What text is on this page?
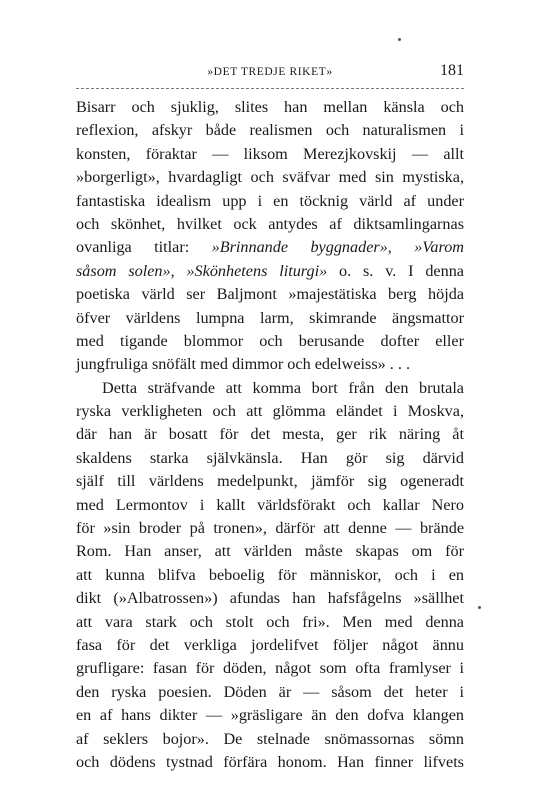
»DET TREDJE RIKET»	181
Bisarr och sjuklig, slites han mellan känsla och
reflexion, afskyr både realismen och naturalismen i
konsten, föraktar — liksom Merezjkovskij — allt
»borgerligt», hvardagligt och sväfvar med sin mystiska,
fantastiska idealism upp i en töcknig värld af under
och skönhet, hvilket ock antydes af diktsamlingarnas
ovanliga titlar: »Brinnande byggnader», »Varom
såsom solen», »Skönhetens liturgi» o. s. v. I denna
poetiska värld ser Baljmont »majestätiska berg höjda
öfver världens lumpna larm, skimrande ängsmattor
med tigande blommor och berusande dofter eller
jungfruliga snöfält med dimmor och edelweiss» . . .
Detta sträfvande att komma bort från den brutala
ryska verkligheten och att glömma eländet i Moskva,
där han är bosatt för det mesta, ger rik näring åt
skaldens starka självkänsla. Han gör sig därvid
själf till världens medelpunkt, jämför sig ogeneradt
med Lermontov i kallt världsförakt och kallar Nero
för »sin broder på tronen», därför att denne — brände
Rom. Han anser, att världen måste skapas om för
att kunna blifva beboelig för människor, och i en
dikt (»Albatrossen») afundas han hafsfågelns »sällhet
att vara stark och stolt och fri». Men med denna
fasa för det verkliga jordelifvet följer något ännu
grufligare: fasan för döden, något som ofta framlyser i
den ryska poesien. Döden är — såsom det heter i
en af hans dikter — »gräsligare än den dofva klangen
af seklers bojor». De stelnade snömassornas sömn
och dödens tystnad förfära honom. Han finner lifvets
